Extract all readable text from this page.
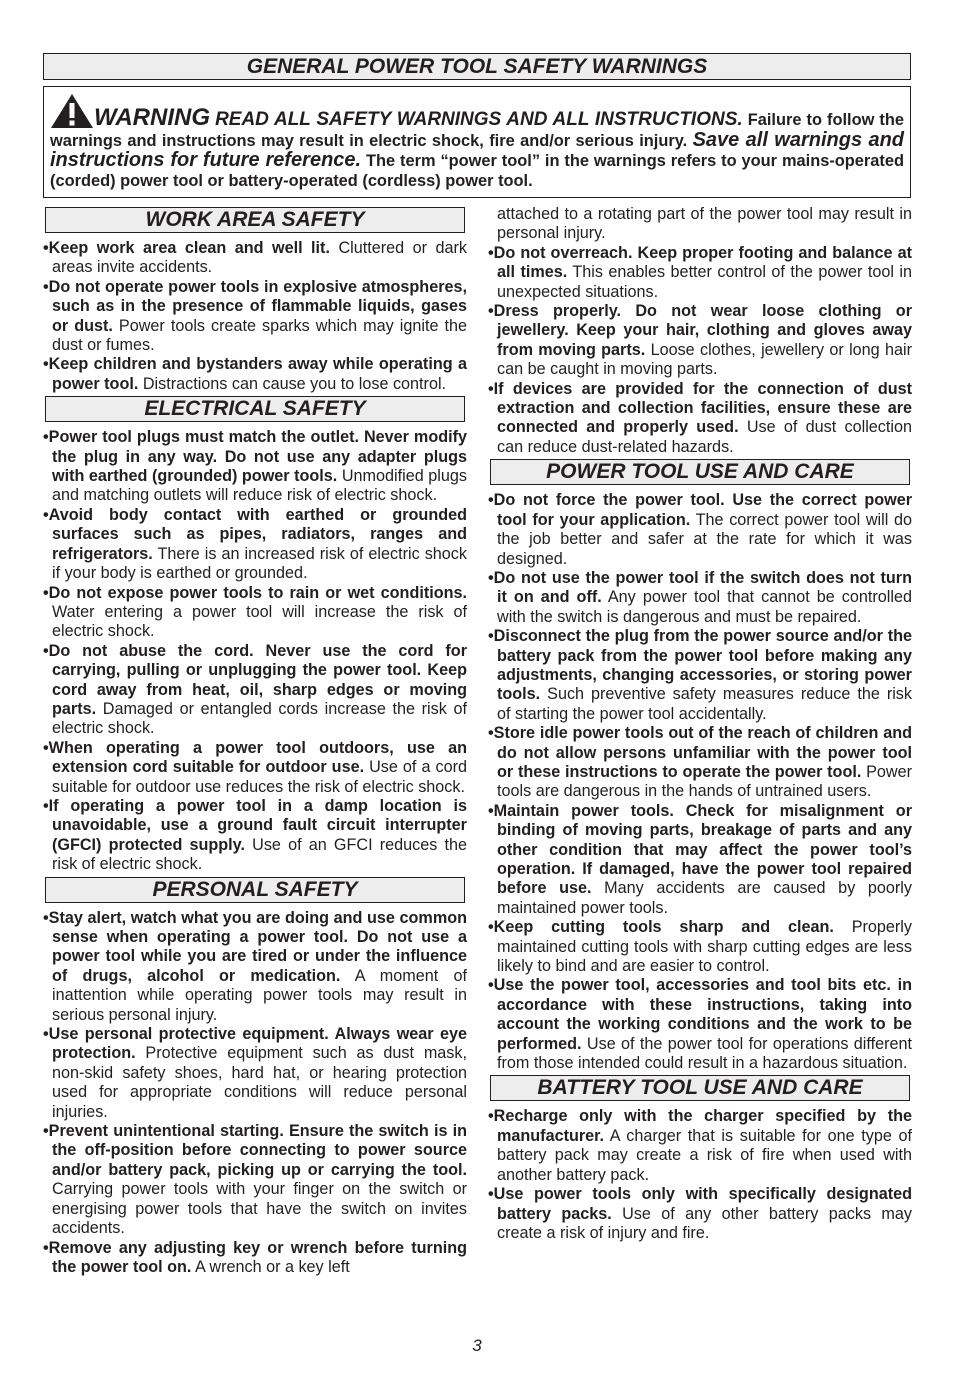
GENERAL POWER TOOL SAFETY WARNINGS
WARNING READ ALL SAFETY WARNINGS AND ALL INSTRUCTIONS. Failure to follow the warnings and instructions may result in electric shock, fire and/or serious injury. Save all warnings and instructions for future reference. The term “power tool” in the warnings refers to your mains-operated (corded) power tool or battery-operated (cordless) power tool.
WORK AREA SAFETY

•Keep work area clean and well lit. Cluttered or dark areas invite accidents.

•Do not operate power tools in explosive atmospheres, such as in the presence of flammable liquids, gases or dust. Power tools create sparks which may ignite the dust or fumes.

•Keep children and bystanders away while operating a power tool. Distractions can cause you to lose control.

ELECTRICAL SAFETY

•Power tool plugs must match the outlet. Never modify the plug in any way. Do not use any adapter plugs with earthed (grounded) power tools. Unmodified plugs and matching outlets will reduce risk of electric shock.

•Avoid body contact with earthed or grounded surfaces such as pipes, radiators, ranges and refrigerators. There is an increased risk of electric shock if your body is earthed or grounded.

•Do not expose power tools to rain or wet conditions. Water entering a power tool will increase the risk of electric shock.

•Do not abuse the cord. Never use the cord for carrying, pulling or unplugging the power tool. Keep cord away from heat, oil, sharp edges or moving parts. Damaged or entangled cords increase the risk of electric shock.

•When operating a power tool outdoors, use an extension cord suitable for outdoor use. Use of a cord suitable for outdoor use reduces the risk of electric shock.

•If operating a power tool in a damp location is unavoidable, use a ground fault circuit interrupter (GFCI) protected supply. Use of an GFCI reduces the risk of electric shock.

PERSONAL SAFETY

•Stay alert, watch what you are doing and use common sense when operating a power tool. Do not use a power tool while you are tired or under the influence of drugs, alcohol or medication. A moment of inattention while operating power tools may result in serious personal injury.

•Use personal protective equipment. Always wear eye protection. Protective equipment such as dust mask, non-skid safety shoes, hard hat, or hearing protection used for appropriate conditions will reduce personal injuries.

•Prevent unintentional starting. Ensure the switch is in the off-position before connecting to power source and/or battery pack, picking up or carrying the tool. Carrying power tools with your finger on the switch or energising power tools that have the switch on invites accidents.

•Remove any adjusting key or wrench before turning the power tool on. A wrench or a key left

attached to a rotating part of the power tool may result in personal injury.

•Do not overreach. Keep proper footing and balance at all times. This enables better control of the power tool in unexpected situations.

•Dress properly. Do not wear loose clothing or jewellery. Keep your hair, clothing and gloves away from moving parts. Loose clothes, jewellery or long hair can be caught in moving parts.

•If devices are provided for the connection of dust extraction and collection facilities, ensure these are connected and properly used. Use of dust collection can reduce dust-related hazards.

POWER TOOL USE AND CARE

•Do not force the power tool. Use the correct power tool for your application. The correct power tool will do the job better and safer at the rate for which it was designed.

•Do not use the power tool if the switch does not turn it on and off. Any power tool that cannot be controlled with the switch is dangerous and must be repaired.

•Disconnect the plug from the power source and/or the battery pack from the power tool before making any adjustments, changing accessories, or storing power tools. Such preventive safety measures reduce the risk of starting the power tool accidentally.

•Store idle power tools out of the reach of children and do not allow persons unfamiliar with the power tool or these instructions to operate the power tool. Power tools are dangerous in the hands of untrained users.

•Maintain power tools. Check for misalignment or binding of moving parts, breakage of parts and any other condition that may affect the power tool’s operation. If damaged, have the power tool repaired before use. Many accidents are caused by poorly maintained power tools.

•Keep cutting tools sharp and clean. Properly maintained cutting tools with sharp cutting edges are less likely to bind and are easier to control.

•Use the power tool, accessories and tool bits etc. in accordance with these instructions, taking into account the working conditions and the work to be performed. Use of the power tool for operations different from those intended could result in a hazardous situation.

BATTERY TOOL USE AND CARE

•Recharge only with the charger specified by the manufacturer. A charger that is suitable for one type of battery pack may create a risk of fire when used with another battery pack.

•Use power tools only with specifically designated battery packs. Use of any other battery packs may create a risk of injury and fire.

3
